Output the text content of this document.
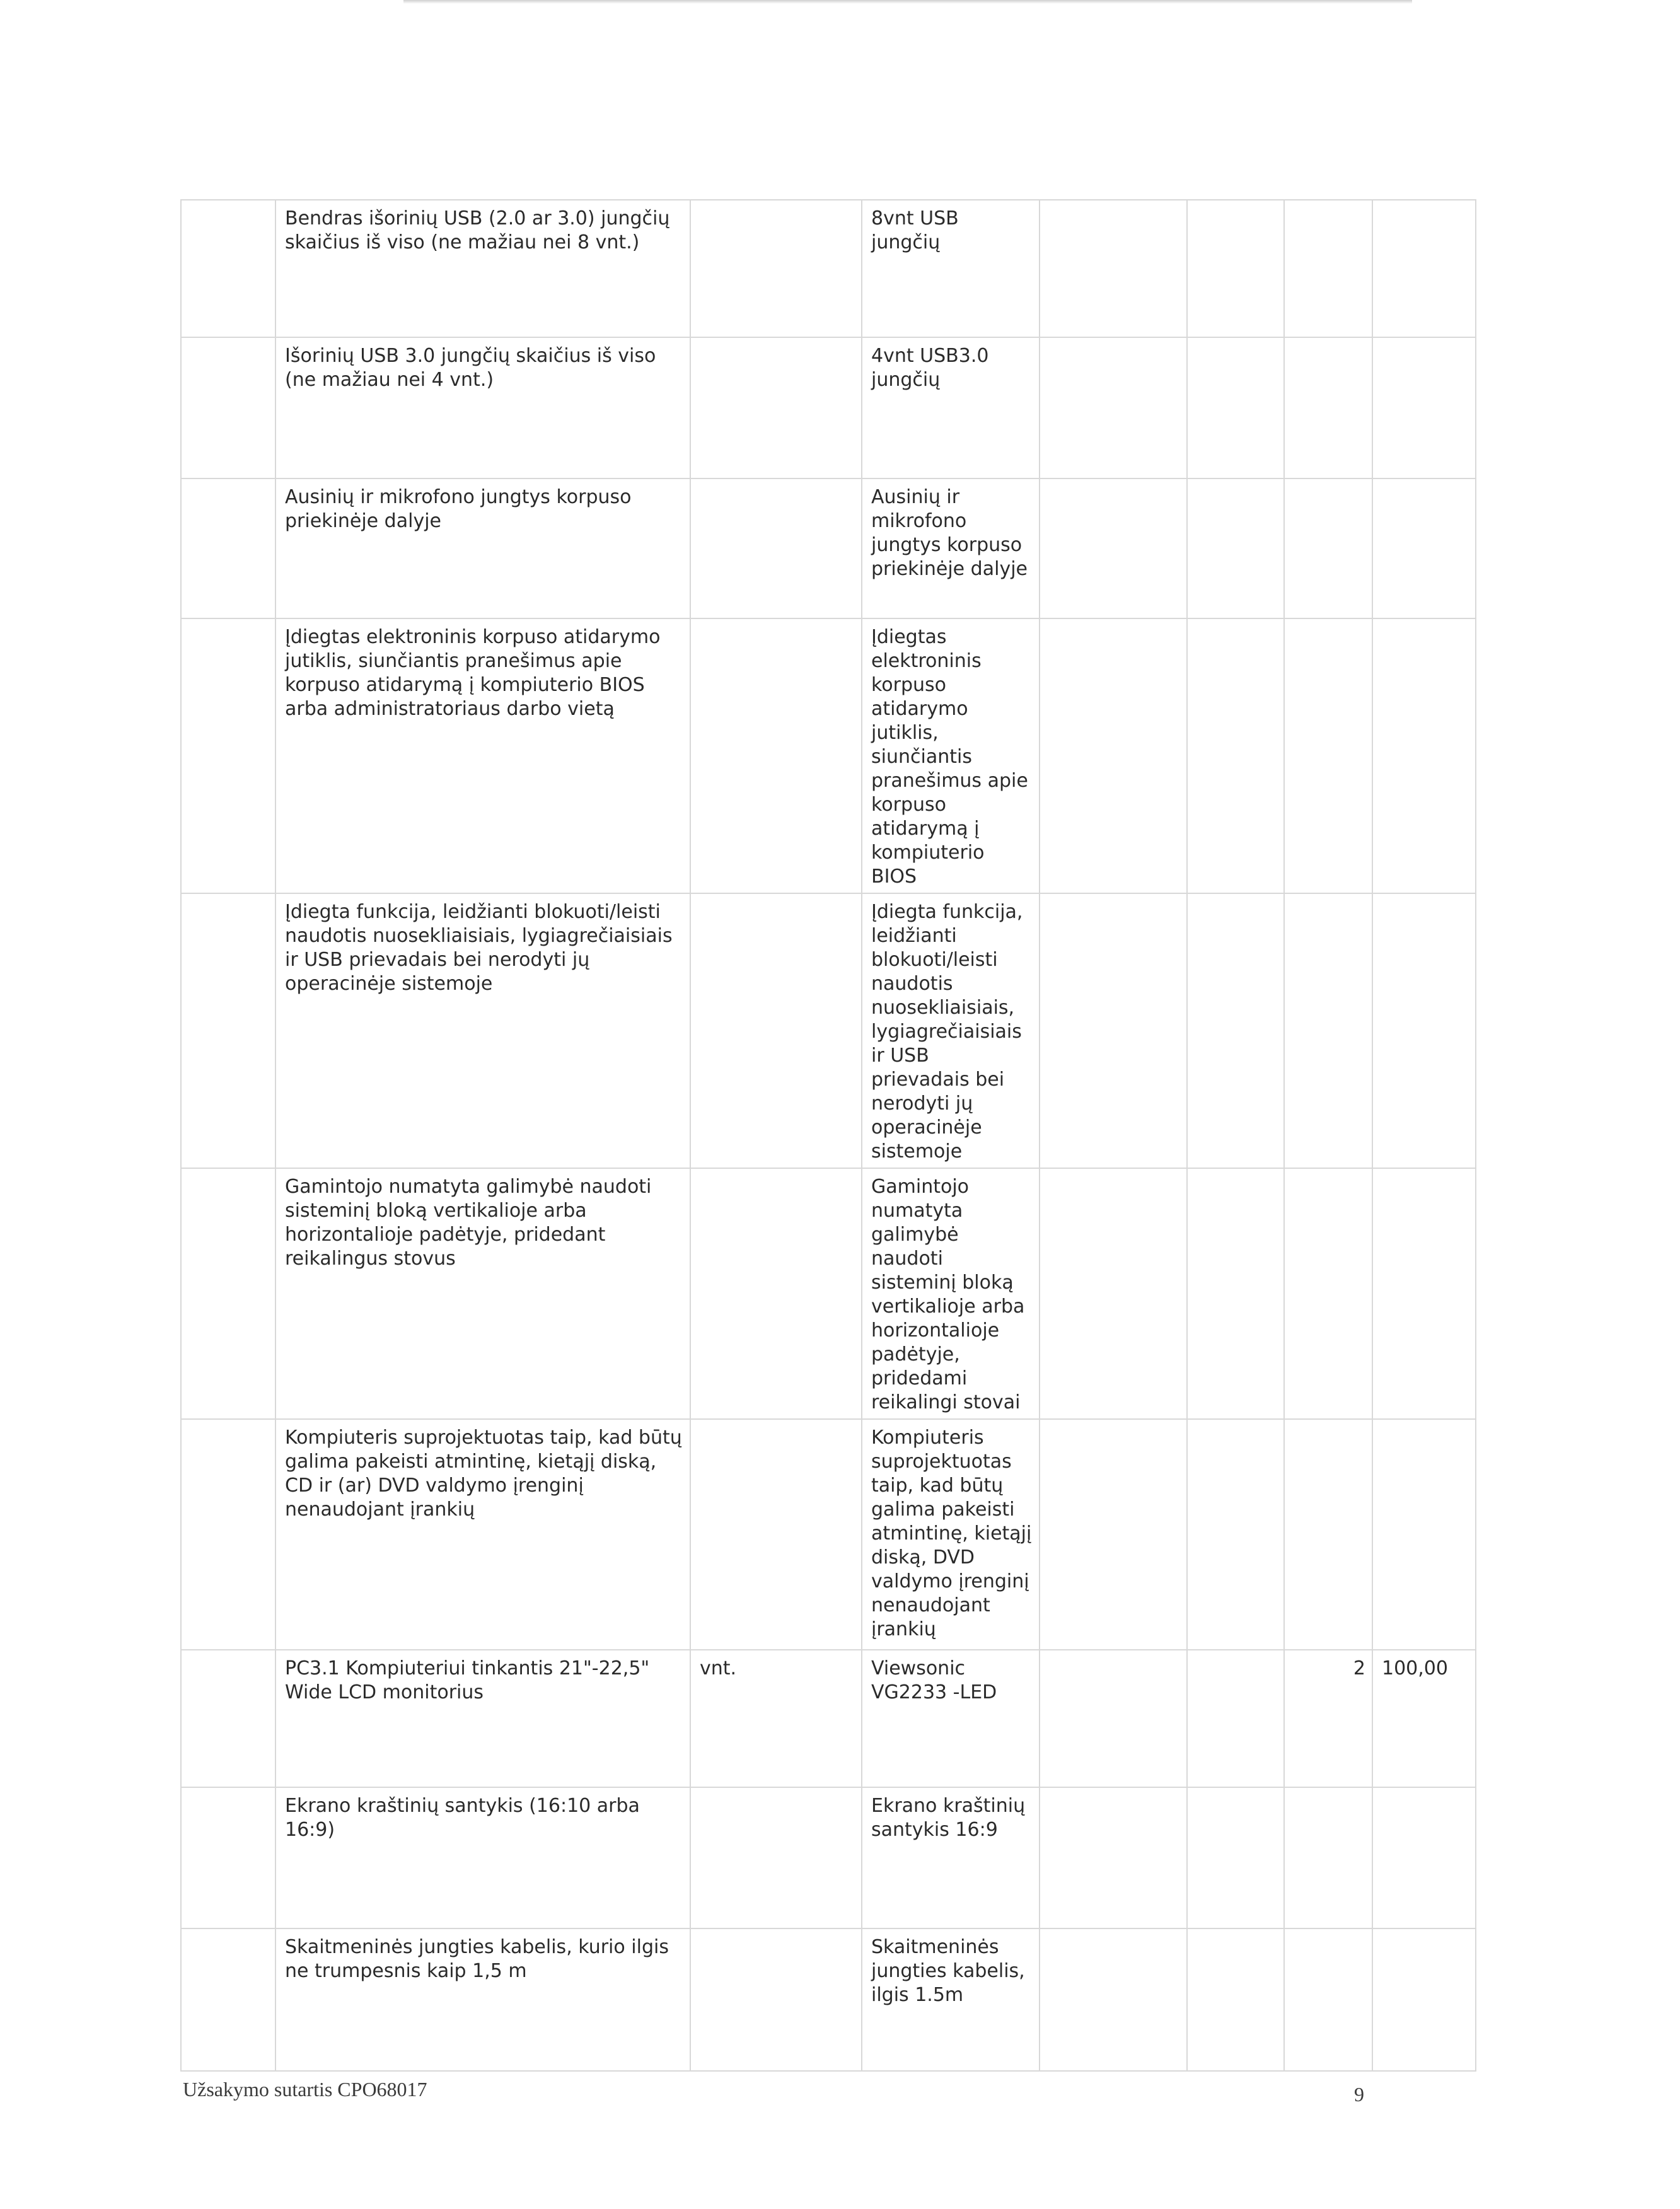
	Bendras išorinių USB (2.0 ar 3.0) jungčių skaičius iš viso (ne mažiau nei 8 vnt.)		8vnt USB jungčių				
	Išorinių USB 3.0 jungčių skaičius iš viso (ne mažiau nei 4 vnt.)		4vnt USB3.0 jungčių				
	Ausinių ir mikrofono jungtys korpuso priekinėje dalyje		Ausinių ir mikrofono jungtys korpuso priekinėje dalyje				
	Įdiegtas elektroninis korpuso atidarymo jutiklis, siunčiantis pranešimus apie korpuso atidarymą į kompiuterio BIOS arba administratoriaus darbo vietą		Įdiegtas elektroninis korpuso atidarymo jutiklis, siunčiantis pranešimus apie korpuso atidarymą į kompiuterio BIOS				
	Įdiegta funkcija, leidžianti blokuoti/leisti naudotis nuosekliaisiais, lygiagrečiaisiais ir USB prievadais bei nerodyti jų operacinėje sistemoje		Įdiegta funkcija, leidžianti blokuoti/leisti naudotis nuosekliaisiais, lygiagrečiaisiais ir USB prievadais bei nerodyti jų operacinėje sistemoje				
	Gamintojo numatyta galimybė naudoti sisteminį bloką vertikalioje arba horizontalioje padėtyje, pridedant reikalingus stovus		Gamintojo numatyta galimybė naudoti sisteminį bloką vertikalioje arba horizontalioje padėtyje, pridedami reikalingi stovai				
	Kompiuteris suprojektuotas taip, kad būtų galima pakeisti atmintinę, kietąjį diską, CD ir (ar) DVD valdymo įrenginį nenaudojant įrankių		Kompiuteris suprojektuotas taip, kad būtų galima pakeisti atmintinę, kietąjį diską, DVD valdymo įrenginį nenaudojant įrankių				
	PC3.1 Kompiuteriui tinkantis 21"-22,5" Wide LCD monitorius	vnt.	Viewsonic VG2233 -LED			2	100,00
	Ekrano kraštinių santykis (16:10 arba 16:9)		Ekrano kraštinių santykis 16:9				
	Skaitmeninės jungties kabelis, kurio ilgis ne trumpesnis kaip 1,5 m		Skaitmeninės jungties kabelis, ilgis 1.5m				
Užsakymo sutartis CPO68017	9
